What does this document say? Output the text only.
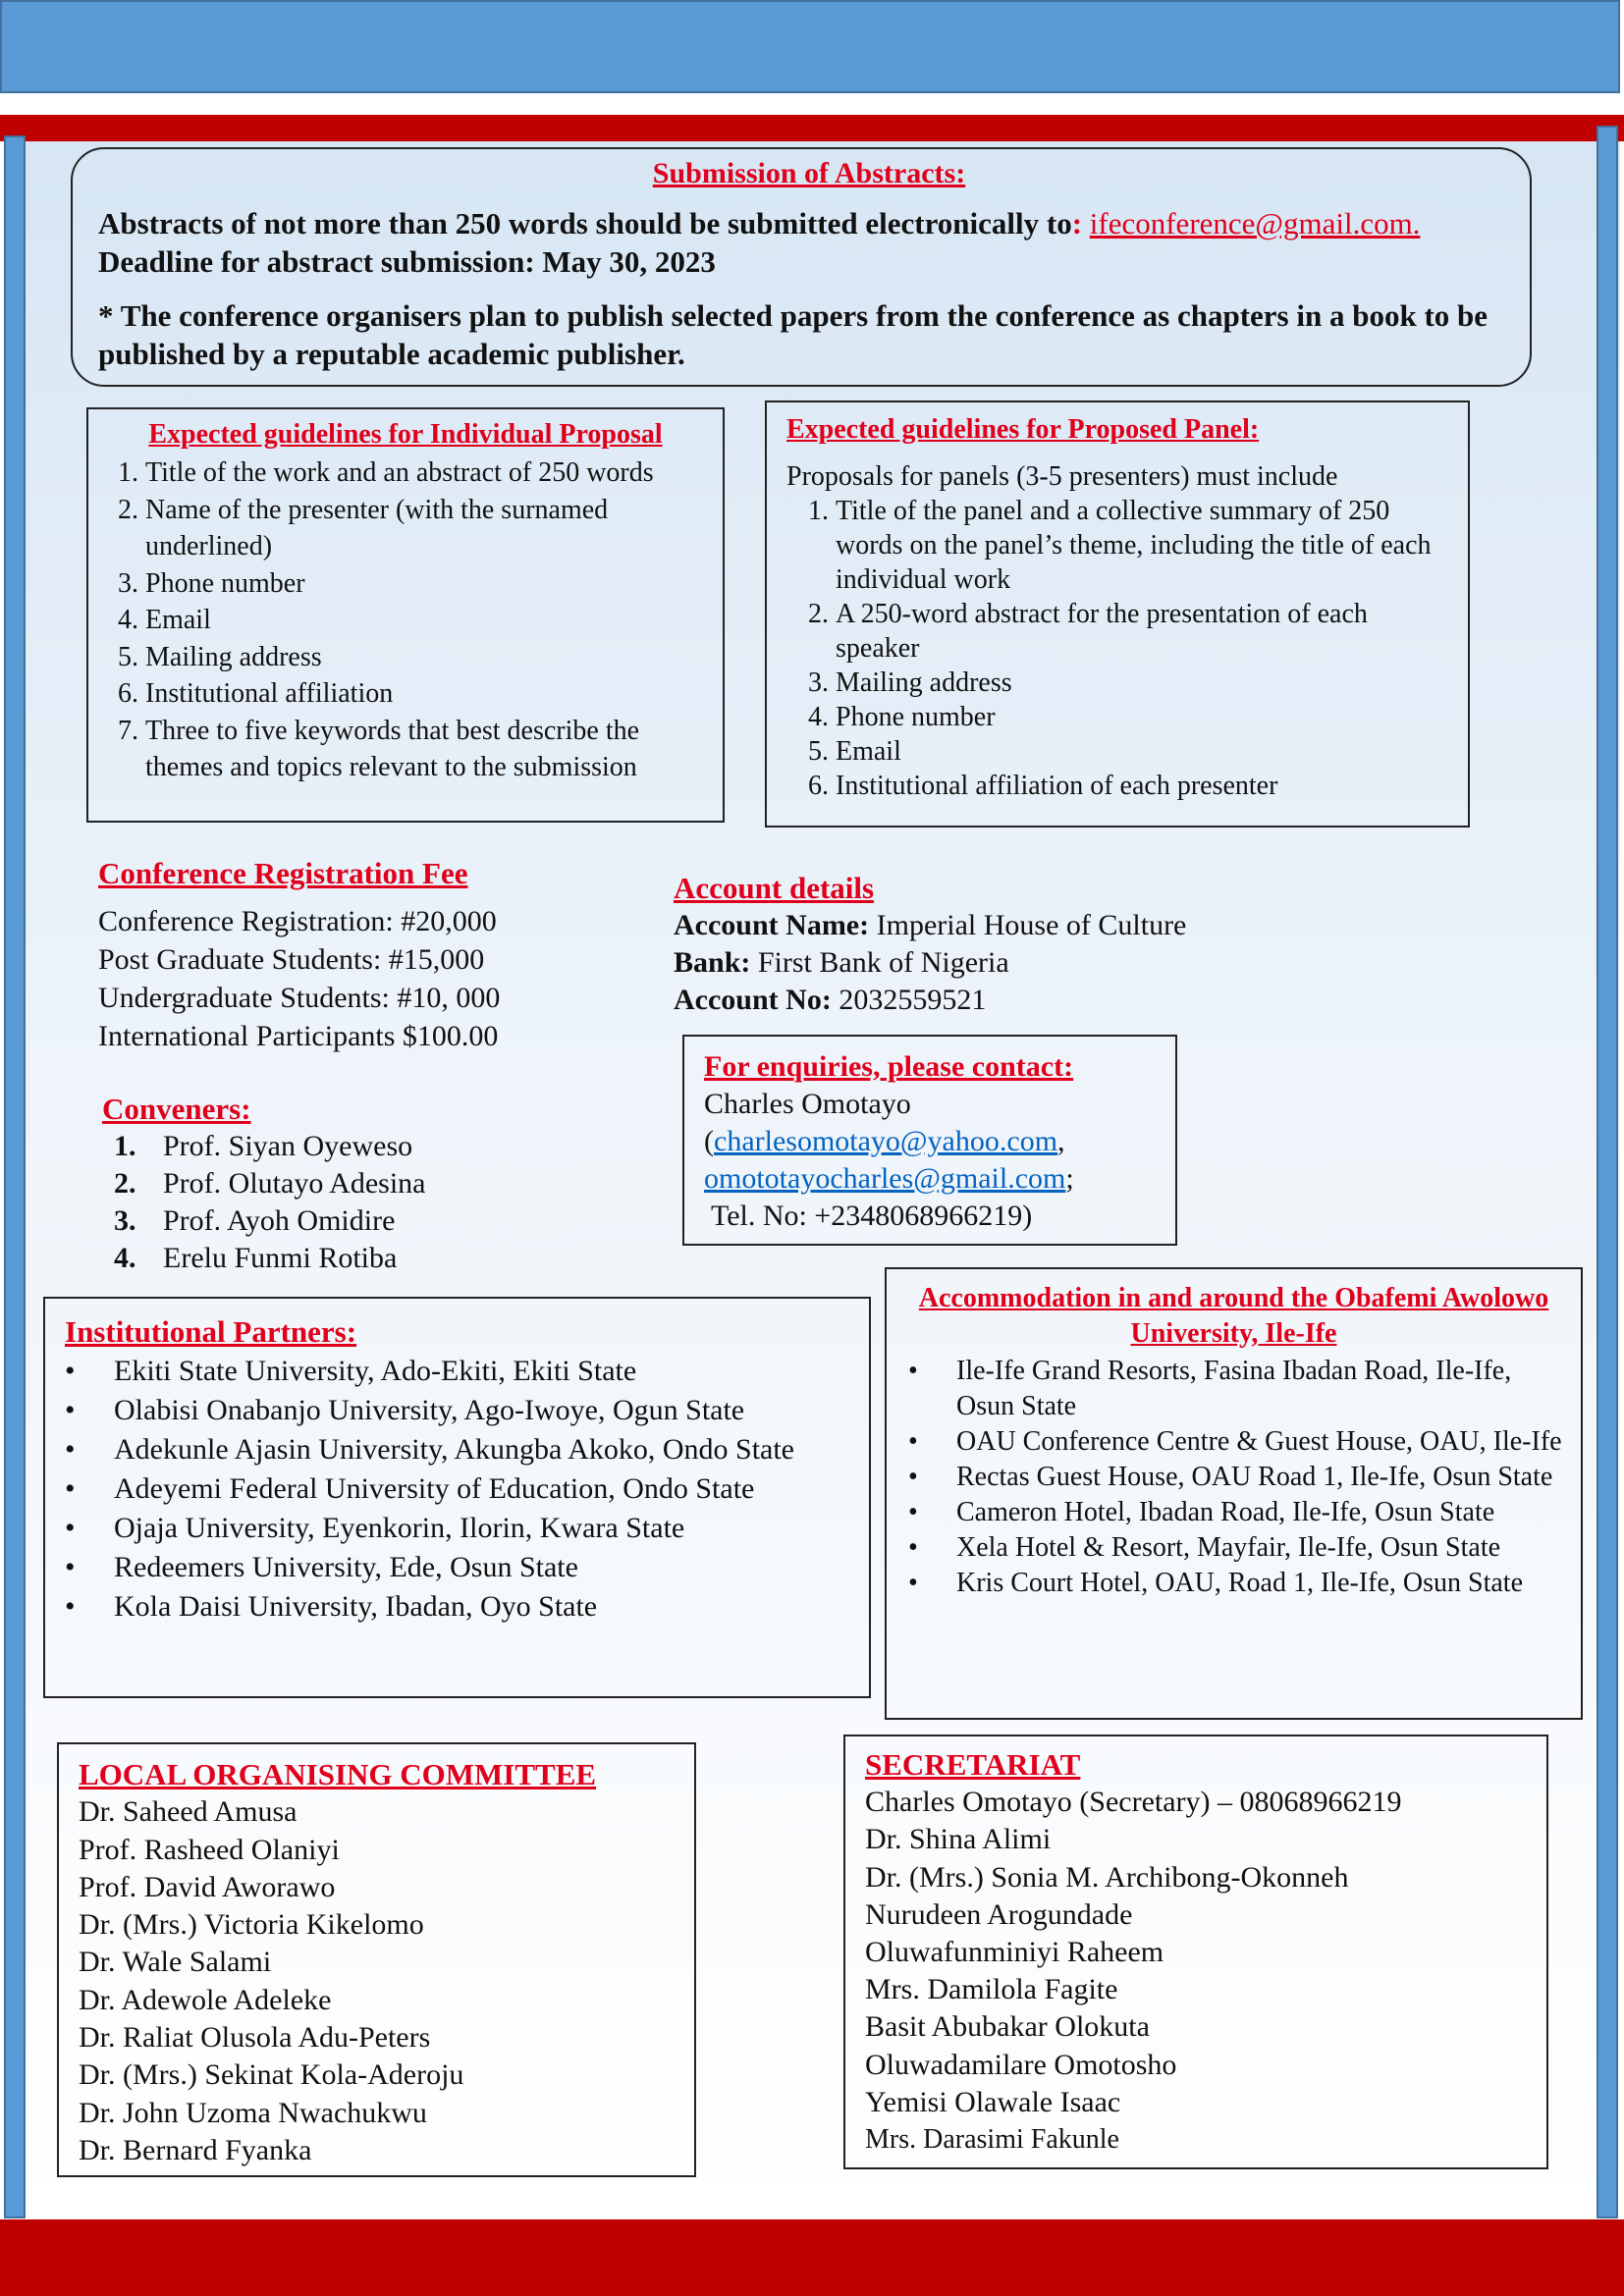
Submission of Abstracts:

Abstracts of not more than 250 words should be submitted electronically to: ifeconference@gmail.com.

Deadline for abstract submission: May 30, 2023

* The conference organisers plan to publish selected papers from the conference as chapters in a book to be published by a reputable academic publisher.

Expected guidelines for Individual Proposal
1. Title of the work and an abstract of 250 words
2. Name of the presenter (with the surnamed underlined)
3. Phone number
4. Email
5. Mailing address
6. Institutional affiliation
7. Three to five keywords that best describe the themes and topics relevant to the submission
Expected guidelines for Proposed Panel:

Proposals for panels (3-5 presenters) must include

1. Title of the panel and a collective summary of 250 words on the panel’s theme, including the title of each individual work
2. A 250-word abstract for the presentation of each speaker
3. Mailing address
4. Phone number
5. Email
6. Institutional affiliation of each presenter
Conference Registration Fee
Conference Registration: #20,000
Post Graduate Students: #15,000
Undergraduate Students: #10, 000
International Participants $100.00
Account details
Account Name: Imperial House of Culture
Bank: First Bank of Nigeria
Account No: 2032559521
For enquiries, please contact:
Charles Omotayo
(charlesomotayo@yahoo.com,
omototayocharles@gmail.com;
Tel. No: +2348068966219)
Conveners:
1. Prof. Siyan Oyeweso
2. Prof. Olutayo Adesina
3. Prof. Ayoh Omidire
4. Erelu Funmi Rotiba
Institutional Partners:
• Ekiti State University, Ado-Ekiti, Ekiti State
• Olabisi Onabanjo University, Ago-Iwoye, Ogun State
• Adekunle Ajasin University, Akungba Akoko, Ondo State
• Adeyemi Federal University of Education, Ondo State
• Ojaja University, Eyenkorin, Ilorin, Kwara State
• Redeemers University, Ede, Osun State
• Kola Daisi University, Ibadan, Oyo State
Accommodation in and around the Obafemi Awolowo University, Ile-Ife
• Ile-Ife Grand Resorts, Fasina Ibadan Road, Ile-Ife, Osun State
• OAU Conference Centre & Guest House, OAU, Ile-Ife
• Rectas Guest House, OAU Road 1, Ile-Ife, Osun State
• Cameron Hotel, Ibadan Road, Ile-Ife, Osun State
• Xela Hotel & Resort, Mayfair, Ile-Ife, Osun State
• Kris Court Hotel, OAU, Road 1, Ile-Ife, Osun State
LOCAL ORGANISING COMMITTEE
Dr. Saheed Amusa
Prof. Rasheed Olaniyi
Prof. David Aworawo
Dr. (Mrs.) Victoria Kikelomo
Dr. Wale Salami
Dr. Adewole Adeleke
Dr. Raliat Olusola Adu-Peters
Dr. (Mrs.) Sekinat Kola-Aderoju
Dr. John Uzoma Nwachukwu
Dr. Bernard Fyanka
SECRETARIAT
Charles Omotayo (Secretary) – 08068966219
Dr. Shina Alimi
Dr. (Mrs.) Sonia M. Archibong-Okonneh
Nurudeen Arogundade
Oluwafunminiyi Raheem
Mrs. Damilola Fagite
Basit Abubakar Olokuta
Oluwadamilare Omotosho
Yemisi Olawale Isaac
Mrs. Darasimi Fakunle
